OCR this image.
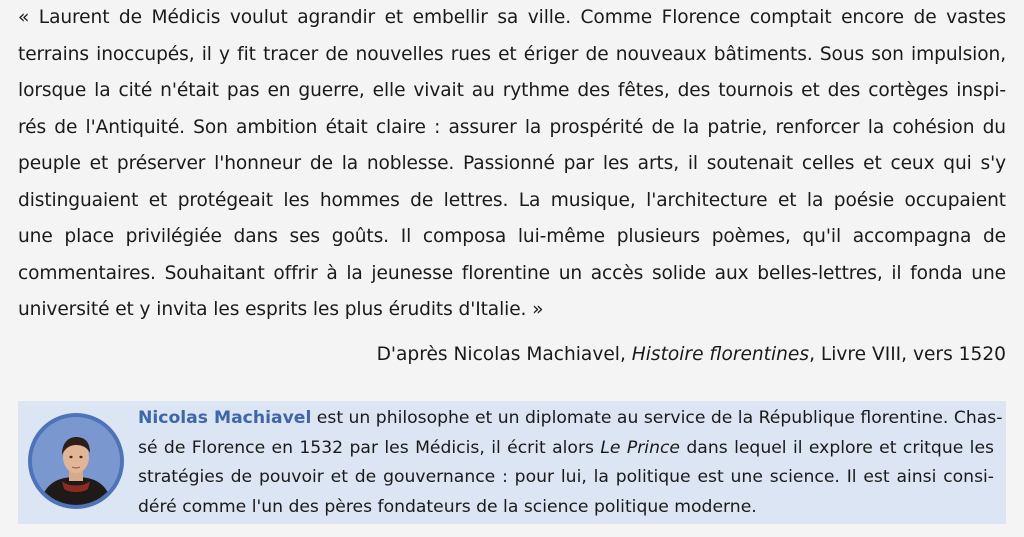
« Laurent de Médicis voulut agrandir et embellir sa ville. Comme Florence comptait encore de vastes
terrains inoccupés, il y fit tracer de nouvelles rues et ériger de nouveaux bâtiments. Sous son impulsion,
lorsque la cité n'était pas en guerre, elle vivait au rythme des fêtes, des tournois et des cortèges inspi-
rés de l'Antiquité. Son ambition était claire : assurer la prospérité de la patrie, renforcer la cohésion du
peuple et préserver l'honneur de la noblesse. Passionné par les arts, il soutenait celles et ceux qui s'y
distinguaient et protégeait les hommes de lettres. La musique, l'architecture et la poésie occupaient
une place privilégiée dans ses goûts. Il composa lui-même plusieurs poèmes, qu'il accompagna de
commentaires. Souhaitant offrir à la jeunesse florentine un accès solide aux belles-lettres, il fonda une
université et y invita les esprits les plus érudits d'Italie. »
D'après Nicolas Machiavel, Histoire florentines, Livre VIII, vers 1520
Nicolas Machiavel est un philosophe et un diplomate au service de la République florentine. Chas-
sé de Florence en 1532 par les Médicis, il écrit alors Le Prince dans lequel il explore et critque les
stratégies de pouvoir et de gouvernance : pour lui, la politique est une science. Il est ainsi consi-
déré comme l'un des pères fondateurs de la science politique moderne.
